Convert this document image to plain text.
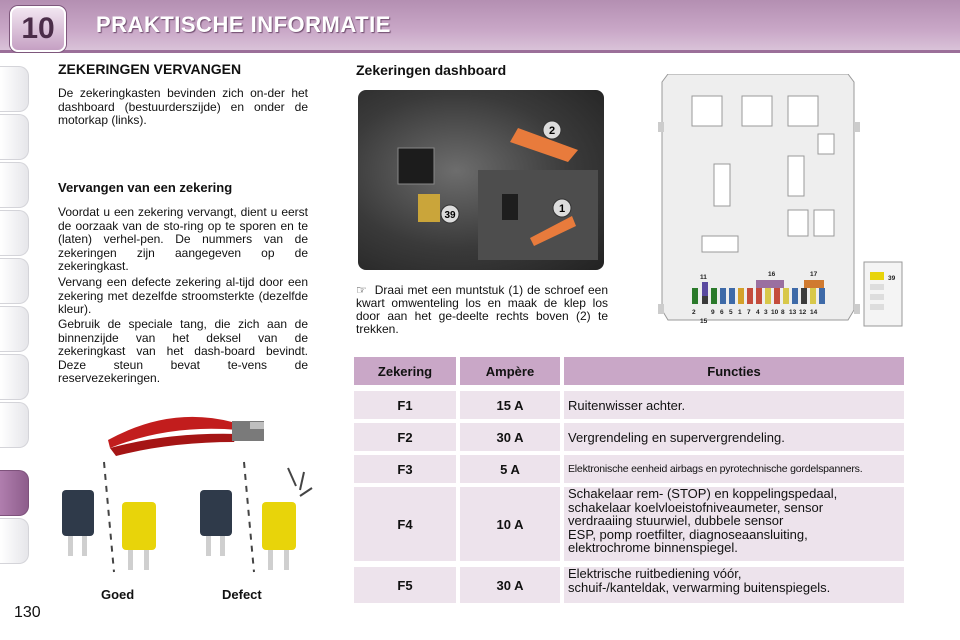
10	PRAKTISCHE INFORMATIE
130
ZEKERINGEN VERVANGEN
De zekeringkasten bevinden zich on-der het dashboard (bestuurderszijde) en onder de motorkap (links).
Vervangen van een zekering
Voordat u een zekering vervangt, dient u eerst de oorzaak van de sto-ring op te sporen en te (laten) verhel-pen. De nummers van de zekeringen zijn aangegeven op de zekeringkast.
Vervang een defecte zekering al-tijd door een zekering met dezelfde stroomsterkte (dezelfde kleur).
Gebruik de speciale tang, die zich aan de binnenzijde van het deksel van de zekeringkast van het dash-board bevindt. Deze steun bevat te-vens de reservezekeringen.
Goed	Defect
Zekeringen dashboard
2
1
39
11	16	17
39
2 9 6 5 1 7 4 3 10 8 13 12 14
15
☞ Draai met een muntstuk (1) de schroef een kwart omwenteling los en maak de klep los door aan het ge-deelte rechts boven (2) te trekken.
Zekering	Ampère	Functies
F1	15 A	Ruitenwisser achter.
F2	30 A	Vergrendeling en supervergrendeling.
F3	5 A	Elektronische eenheid airbags en pyrotechnische gordelspanners.
F4	10 A
Schakelaar rem- (STOP) en koppelingspedaal,
schakelaar koelvloeistofniveaumeter, sensor
verdraaiing stuurwiel, dubbele sensor
ESP, pomp roetfilter, diagnoseaansluiting,
elektrochrome binnenspiegel.
F5	30 A
Elektrische ruitbediening vóór,
schuif-/kanteldak, verwarming buitenspiegels.
